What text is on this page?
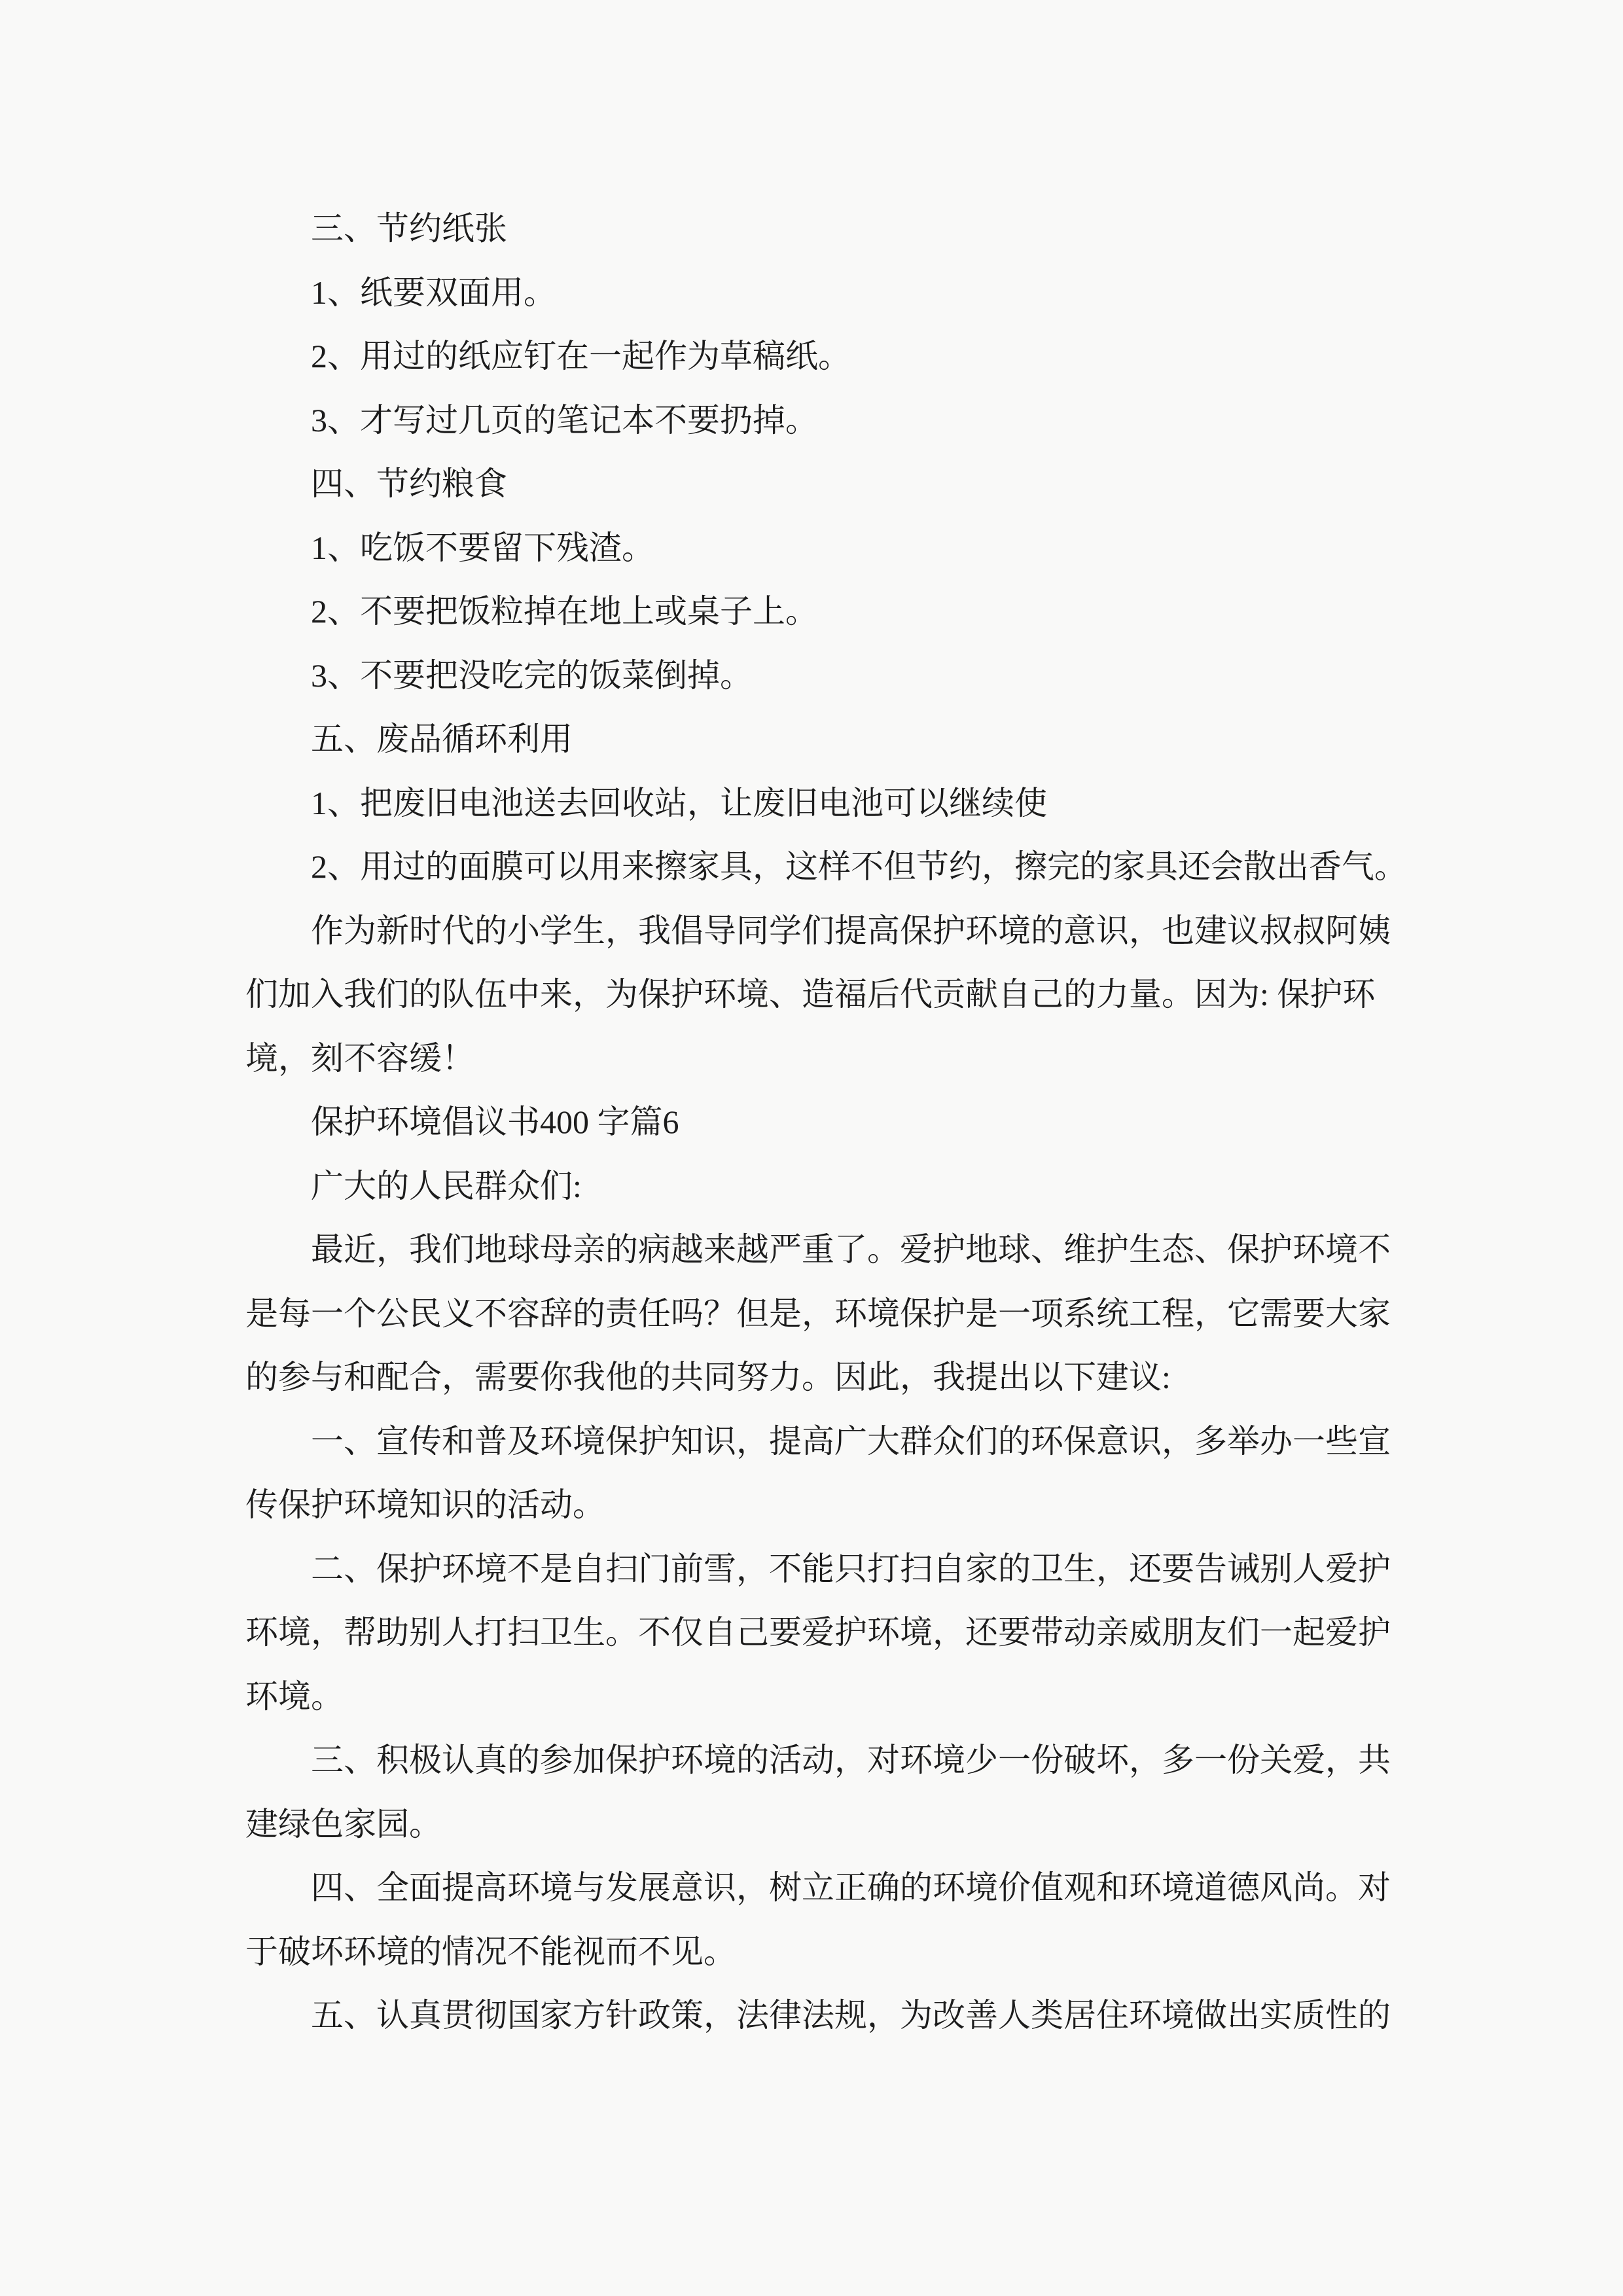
三、节约纸张
1、纸要双面用。
2、用过的纸应钉在一起作为草稿纸。
3、才写过几页的笔记本不要扔掉。
四、节约粮食
1、吃饭不要留下残渣。
2、不要把饭粒掉在地上或桌子上。
3、不要把没吃完的饭菜倒掉。
五、废品循环利用
1、把废旧电池送去回收站，让废旧电池可以继续使
2、用过的面膜可以用来擦家具，这样不但节约，擦完的家具还会散出香气。
作为新时代的小学生，我倡导同学们提高保护环境的意识，也建议叔叔阿姨
们加入我们的队伍中来，为保护环境、造福后代贡献自己的力量。因为: 保护环
境，刻不容缓！
保护环境倡议书400 字篇6
广大的人民群众们:
最近，我们地球母亲的病越来越严重了。爱护地球、维护生态、保护环境不
是每一个公民义不容辞的责任吗？但是，环境保护是一项系统工程，它需要大家
的参与和配合，需要你我他的共同努力。因此，我提出以下建议:
一、宣传和普及环境保护知识，提高广大群众们的环保意识，多举办一些宣
传保护环境知识的活动。
二、保护环境不是自扫门前雪，不能只打扫自家的卫生，还要告诫别人爱护
环境，帮助别人打扫卫生。不仅自己要爱护环境，还要带动亲威朋友们一起爱护
环境。
三、积极认真的参加保护环境的活动，对环境少一份破坏，多一份关爱，共
建绿色家园。
四、全面提高环境与发展意识，树立正确的环境价值观和环境道德风尚。对
于破坏环境的情况不能视而不见。
五、认真贯彻国家方针政策，法律法规，为改善人类居住环境做出实质性的
